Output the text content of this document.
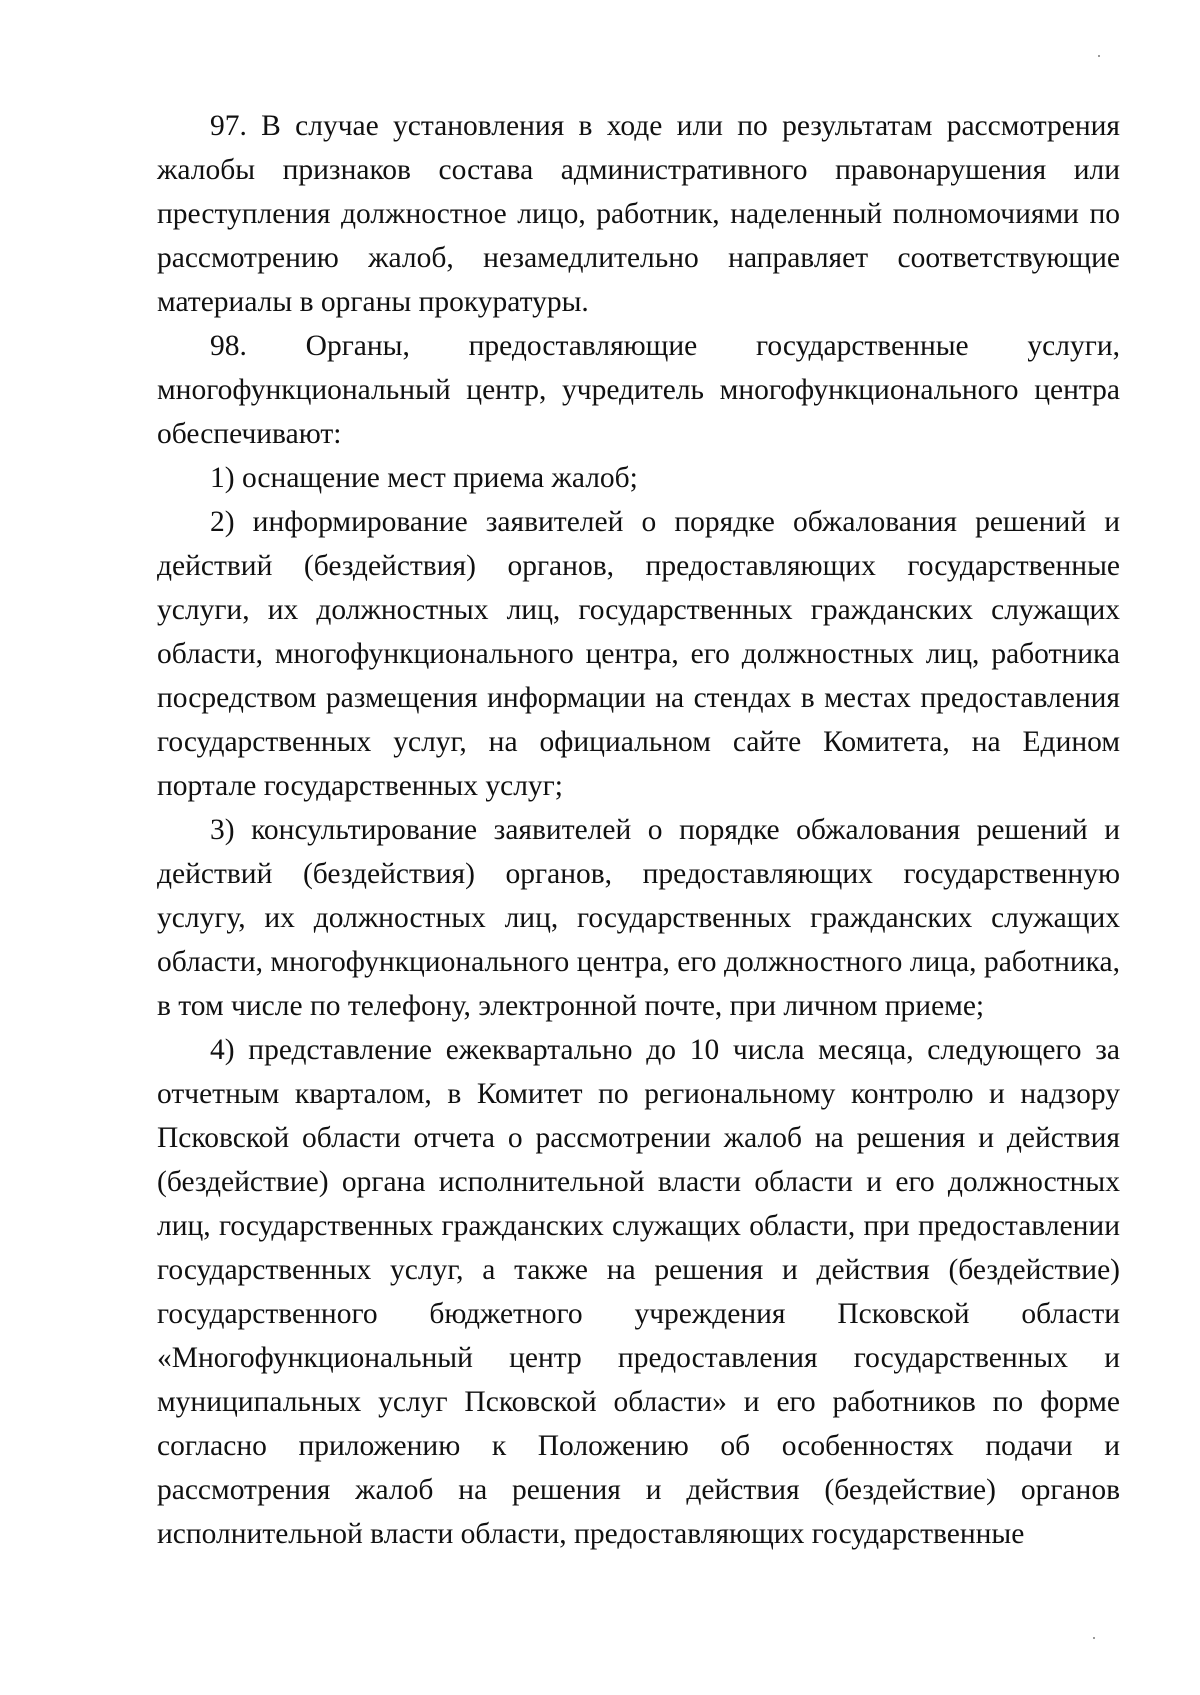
97. В случае установления в ходе или по результатам рассмотрения жалобы признаков состава административного правонарушения или преступления должностное лицо, работник, наделенный полномочиями по рассмотрению жалоб, незамедлительно направляет соответствующие материалы в органы прокуратуры.

98. Органы, предоставляющие государственные услуги, многофункциональный центр, учредитель многофункционального центра обеспечивают:

1) оснащение мест приема жалоб;

2) информирование заявителей о порядке обжалования решений и действий (бездействия) органов, предоставляющих государственные услуги, их должностных лиц, государственных гражданских служащих области, многофункционального центра, его должностных лиц, работника посредством размещения информации на стендах в местах предоставления государственных услуг, на официальном сайте Комитета, на Едином портале государственных услуг;

3) консультирование заявителей о порядке обжалования решений и действий (бездействия) органов, предоставляющих государственную услугу, их должностных лиц, государственных гражданских служащих области, многофункционального центра, его должностного лица, работника, в том числе по телефону, электронной почте, при личном приеме;

4) представление ежеквартально до 10 числа месяца, следующего за отчетным кварталом, в Комитет по региональному контролю и надзору Псковской области отчета о рассмотрении жалоб на решения и действия (бездействие) органа исполнительной власти области и его должностных лиц, государственных гражданских служащих области, при предоставлении государственных услуг, а также на решения и действия (бездействие) государственного бюджетного учреждения Псковской области «Многофункциональный центр предоставления государственных и муниципальных услуг Псковской области» и его работников по форме согласно приложению к Положению об особенностях подачи и рассмотрения жалоб на решения и действия (бездействие) органов исполнительной власти области, предоставляющих государственные
